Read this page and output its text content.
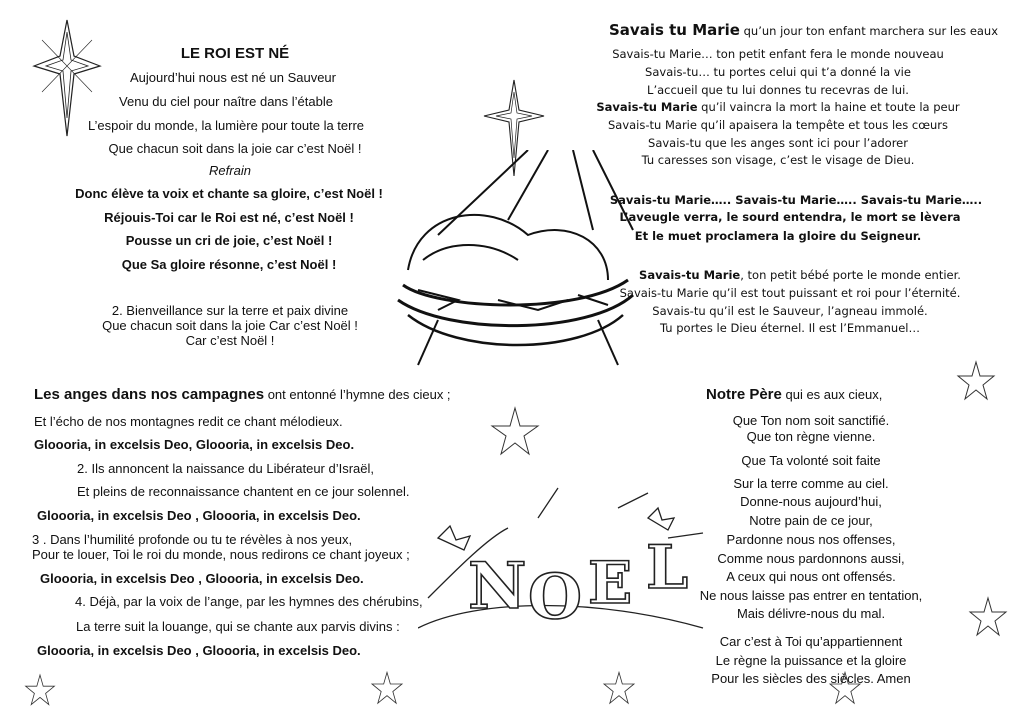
N O E L
LE ROI EST NÉ
Aujourd’hui nous est né un Sauveur
Venu du ciel pour naître dans l’étable
L’espoir du monde, la lumière pour toute la terre
Que chacun soit dans la joie car c’est Noël !
Refrain
Donc élève ta voix et chante sa gloire, c’est Noël !
Réjouis-Toi car le Roi est né, c’est Noël !
Pousse un cri de joie, c’est Noël !
Que Sa gloire résonne, c’est Noël !
2. Bienveillance sur la terre et paix divine
Que chacun soit dans la joie Car c’est Noël !
Car c’est Noël !
Savais tu Marie qu’un jour ton enfant marchera sur les eaux
Savais-tu Marie… ton petit enfant fera le monde nouveau
Savais-tu… tu portes celui qui t’a donné la vie
L’accueil que tu lui donnes tu recevras de lui.
Savais-tu Marie qu’il vaincra la mort la haine et toute la peur
Savais-tu Marie qu’il apaisera la tempête et tous les cœurs
Savais-tu que les anges sont ici pour l’adorer
Tu caresses son visage, c’est le visage de Dieu.
Savais-tu Marie….. Savais-tu Marie….. Savais-tu Marie…..
L’aveugle verra, le sourd entendra, le mort se lèvera
Et le muet proclamera la gloire du Seigneur.
Savais-tu Marie, ton petit bébé porte le monde entier.
Savais-tu Marie qu’il est tout puissant et roi pour l’éternité.
Savais-tu qu’il est le Sauveur, l’agneau immolé.
Tu portes le Dieu éternel. Il est l’Emmanuel…
Les anges dans nos campagnes ont entonné l’hymne des cieux ;
Et l’écho de nos montagnes redit ce chant mélodieux.
Gloooria, in excelsis Deo, Gloooria, in excelsis Deo.
2. Ils annoncent la naissance du Libérateur d’Israël,
Et pleins de reconnaissance chantent en ce jour solennel.
Gloooria, in excelsis Deo , Gloooria, in excelsis Deo.
3 . Dans l’humilité profonde ou tu te révèles à nos yeux,
Pour te louer, Toi le roi du monde, nous redirons ce chant joyeux ;
Gloooria, in excelsis Deo , Gloooria, in excelsis Deo.
4. Déjà, par la voix de l’ange, par les hymnes des chérubins,
La terre suit la louange, qui se chante aux parvis divins :
Gloooria, in excelsis Deo , Gloooria, in excelsis Deo.
Notre Père qui es aux cieux,
Que Ton nom soit sanctifié.
Que ton règne vienne.
Que Ta volonté soit faite
Sur la terre comme au ciel.
Donne-nous aujourd’hui,
Notre pain de ce jour,
Pardonne nous nos offenses,
Comme nous pardonnons aussi,
A ceux qui nous ont offensés.
Ne nous laisse pas entrer en tentation,
Mais délivre-nous du mal.
Car c’est à Toi qu’appartiennent
Le règne la puissance et la gloire
Pour les siècles des siècles. Amen
